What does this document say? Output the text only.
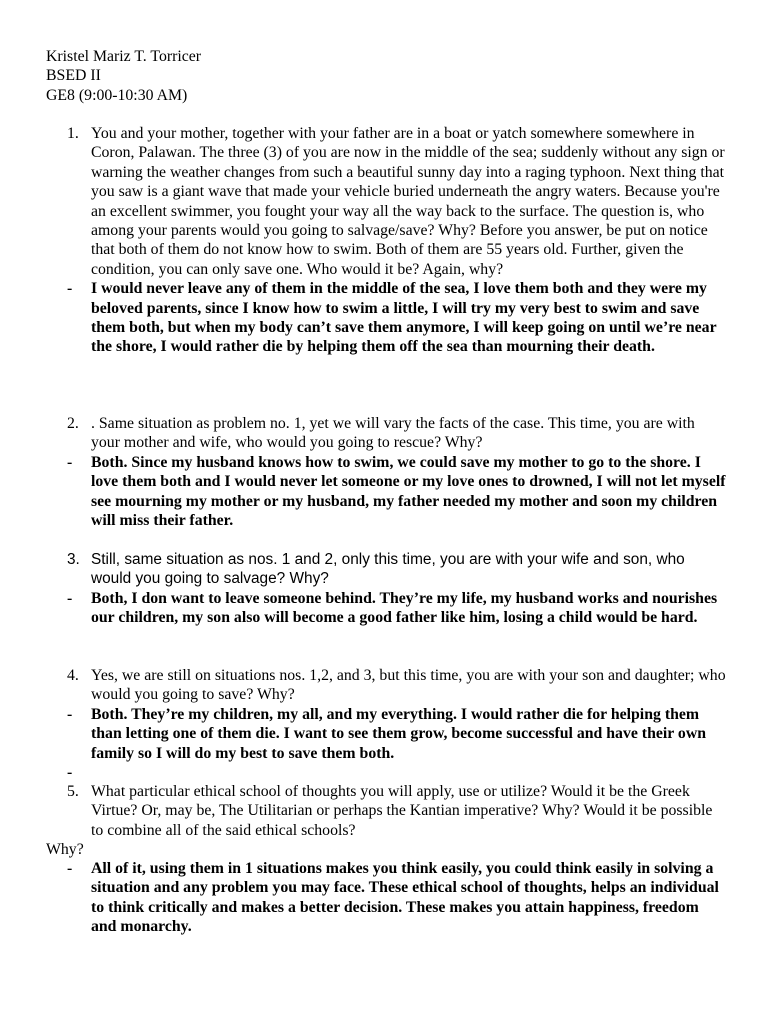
Kristel Mariz T. Torricer
BSED II
GE8 (9:00-10:30 AM)
1. You and your mother, together with your father are in a boat or yatch somewhere somewhere in Coron, Palawan. The three (3) of you are now in the middle of the sea; suddenly without any sign or warning the weather changes from such a beautiful sunny day into a raging typhoon. Next thing that you saw is a giant wave that made your vehicle buried underneath the angry waters. Because you're an excellent swimmer, you fought your way all the way back to the surface. The question is, who among your parents would you going to salvage/save? Why? Before you answer, be put on notice that both of them do not know how to swim. Both of them are 55 years old. Further, given the condition, you can only save one. Who would it be? Again, why?
- I would never leave any of them in the middle of the sea, I love them both and they were my beloved parents, since I know how to swim a little, I will try my very best to swim and save them both, but when my body can’t save them anymore, I will keep going on until we’re near the shore, I would rather die by helping them off the sea than mourning their death.
2. . Same situation as problem no. 1, yet we will vary the facts of the case. This time, you are with your mother and wife, who would you going to rescue? Why?
- Both. Since my husband knows how to swim, we could save my mother to go to the shore. I love them both and I would never let someone or my love ones to drowned, I will not let myself see mourning my mother or my husband, my father needed my mother and soon my children will miss their father.
3. Still, same situation as nos. 1 and 2, only this time, you are with your wife and son, who would you going to salvage? Why?
- Both, I don want to leave someone behind. They’re my life, my husband works and nourishes our children, my son also will become a good father like him, losing a child would be hard.
4. Yes, we are still on situations nos. 1,2, and 3, but this time, you are with your son and daughter; who would you going to save? Why?
- Both. They’re my children, my all, and my everything. I would rather die for helping them than letting one of them die. I want to see them grow, become successful and have their own family so I will do my best to save them both.
-
5. What particular ethical school of thoughts you will apply, use or utilize? Would it be the Greek Virtue? Or, may be, The Utilitarian or perhaps the Kantian imperative? Why? Would it be possible to combine all of the said ethical schools?
Why?
- All of it, using them in 1 situations makes you think easily, you could think easily in solving a situation and any problem you may face. These ethical school of thoughts, helps an individual to think critically and makes a better decision. These makes you attain happiness, freedom and monarchy.
